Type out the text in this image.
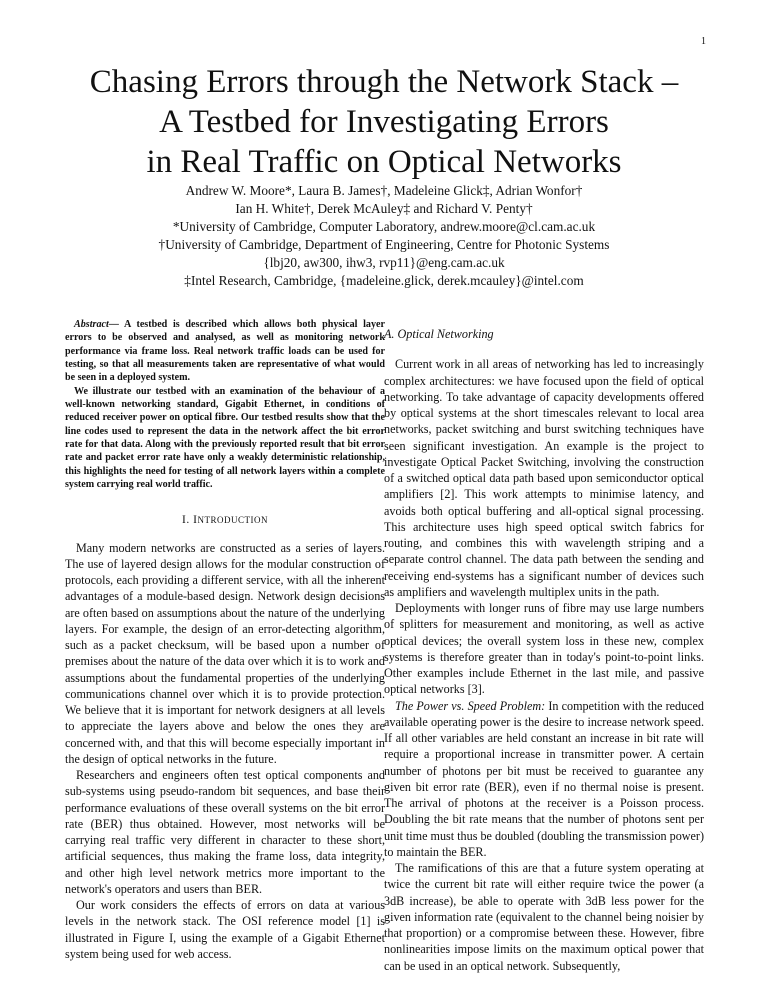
1
Chasing Errors through the Network Stack –
A Testbed for Investigating Errors
in Real Traffic on Optical Networks
Andrew W. Moore*, Laura B. James†, Madeleine Glick‡, Adrian Wonfor†
Ian H. White†, Derek McAuley‡ and Richard V. Penty†
*University of Cambridge, Computer Laboratory, andrew.moore@cl.cam.ac.uk
†University of Cambridge, Department of Engineering, Centre for Photonic Systems
{lbj20, aw300, ihw3, rvp11}@eng.cam.ac.uk
‡Intel Research, Cambridge, {madeleine.glick, derek.mcauley}@intel.com

Abstract— A testbed is described which allows both physical layer errors to be observed and analysed, as well as monitoring network performance via frame loss. Real network traffic loads can be used for testing, so that all measurements taken are representative of what would be seen in a deployed system.

We illustrate our testbed with an examination of the behaviour of a well-known networking standard, Gigabit Ethernet, in conditions of reduced receiver power on optical fibre. Our testbed results show that the line codes used to represent the data in the network affect the bit error rate for that data. Along with the previously reported result that bit error rate and packet error rate have only a weakly deterministic relationship, this highlights the need for testing of all network layers within a complete system carrying real world traffic.

I. INTRODUCTION

Many modern networks are constructed as a series of layers. The use of layered design allows for the modular construction of protocols, each providing a different service, with all the inherent advantages of a module-based design. Network design decisions are often based on assumptions about the nature of the underlying layers. For example, the design of an error-detecting algorithm, such as a packet checksum, will be based upon a number of premises about the nature of the data over which it is to work and assumptions about the fundamental properties of the underlying communications channel over which it is to provide protection. We believe that it is important for network designers at all levels to appreciate the layers above and below the ones they are concerned with, and that this will become especially important in the design of optical networks in the future.

Researchers and engineers often test optical components and sub-systems using pseudo-random bit sequences, and base their performance evaluations of these overall systems on the bit error rate (BER) thus obtained. However, most networks will be carrying real traffic very different in character to these short, artificial sequences, thus making the frame loss, data integrity, and other high level network metrics more important to the network's operators and users than BER.

Our work considers the effects of errors on data at various levels in the network stack. The OSI reference model [1] is illustrated in Figure I, using the example of a Gigabit Ethernet system being used for web access.

A. Optical Networking

Current work in all areas of networking has led to increasingly complex architectures: we have focused upon the field of optical networking. To take advantage of capacity developments offered by optical systems at the short timescales relevant to local area networks, packet switching and burst switching techniques have seen significant investigation. An example is the project to investigate Optical Packet Switching, involving the construction of a switched optical data path based upon semiconductor optical amplifiers [2]. This work attempts to minimise latency, and avoids both optical buffering and all-optical signal processing. This architecture uses high speed optical switch fabrics for routing, and combines this with wavelength striping and a separate control channel. The data path between the sending and receiving end-systems has a significant number of devices such as amplifiers and wavelength multiplex units in the path.

Deployments with longer runs of fibre may use large numbers of splitters for measurement and monitoring, as well as active optical devices; the overall system loss in these new, complex systems is therefore greater than in today's point-to-point links. Other examples include Ethernet in the last mile, and passive optical networks [3].

The Power vs. Speed Problem: In competition with the reduced available operating power is the desire to increase network speed. If all other variables are held constant an increase in bit rate will require a proportional increase in transmitter power. A certain number of photons per bit must be received to guarantee any given bit error rate (BER), even if no thermal noise is present. The arrival of photons at the receiver is a Poisson process. Doubling the bit rate means that the number of photons sent per unit time must thus be doubled (doubling the transmission power) to maintain the BER.

The ramifications of this are that a future system operating at twice the current bit rate will either require twice the power (a 3dB increase), be able to operate with 3dB less power for the given information rate (equivalent to the channel being noisier by that proportion) or a compromise between these. However, fibre nonlinearities impose limits on the maximum optical power that can be used in an optical network. Subsequently,
